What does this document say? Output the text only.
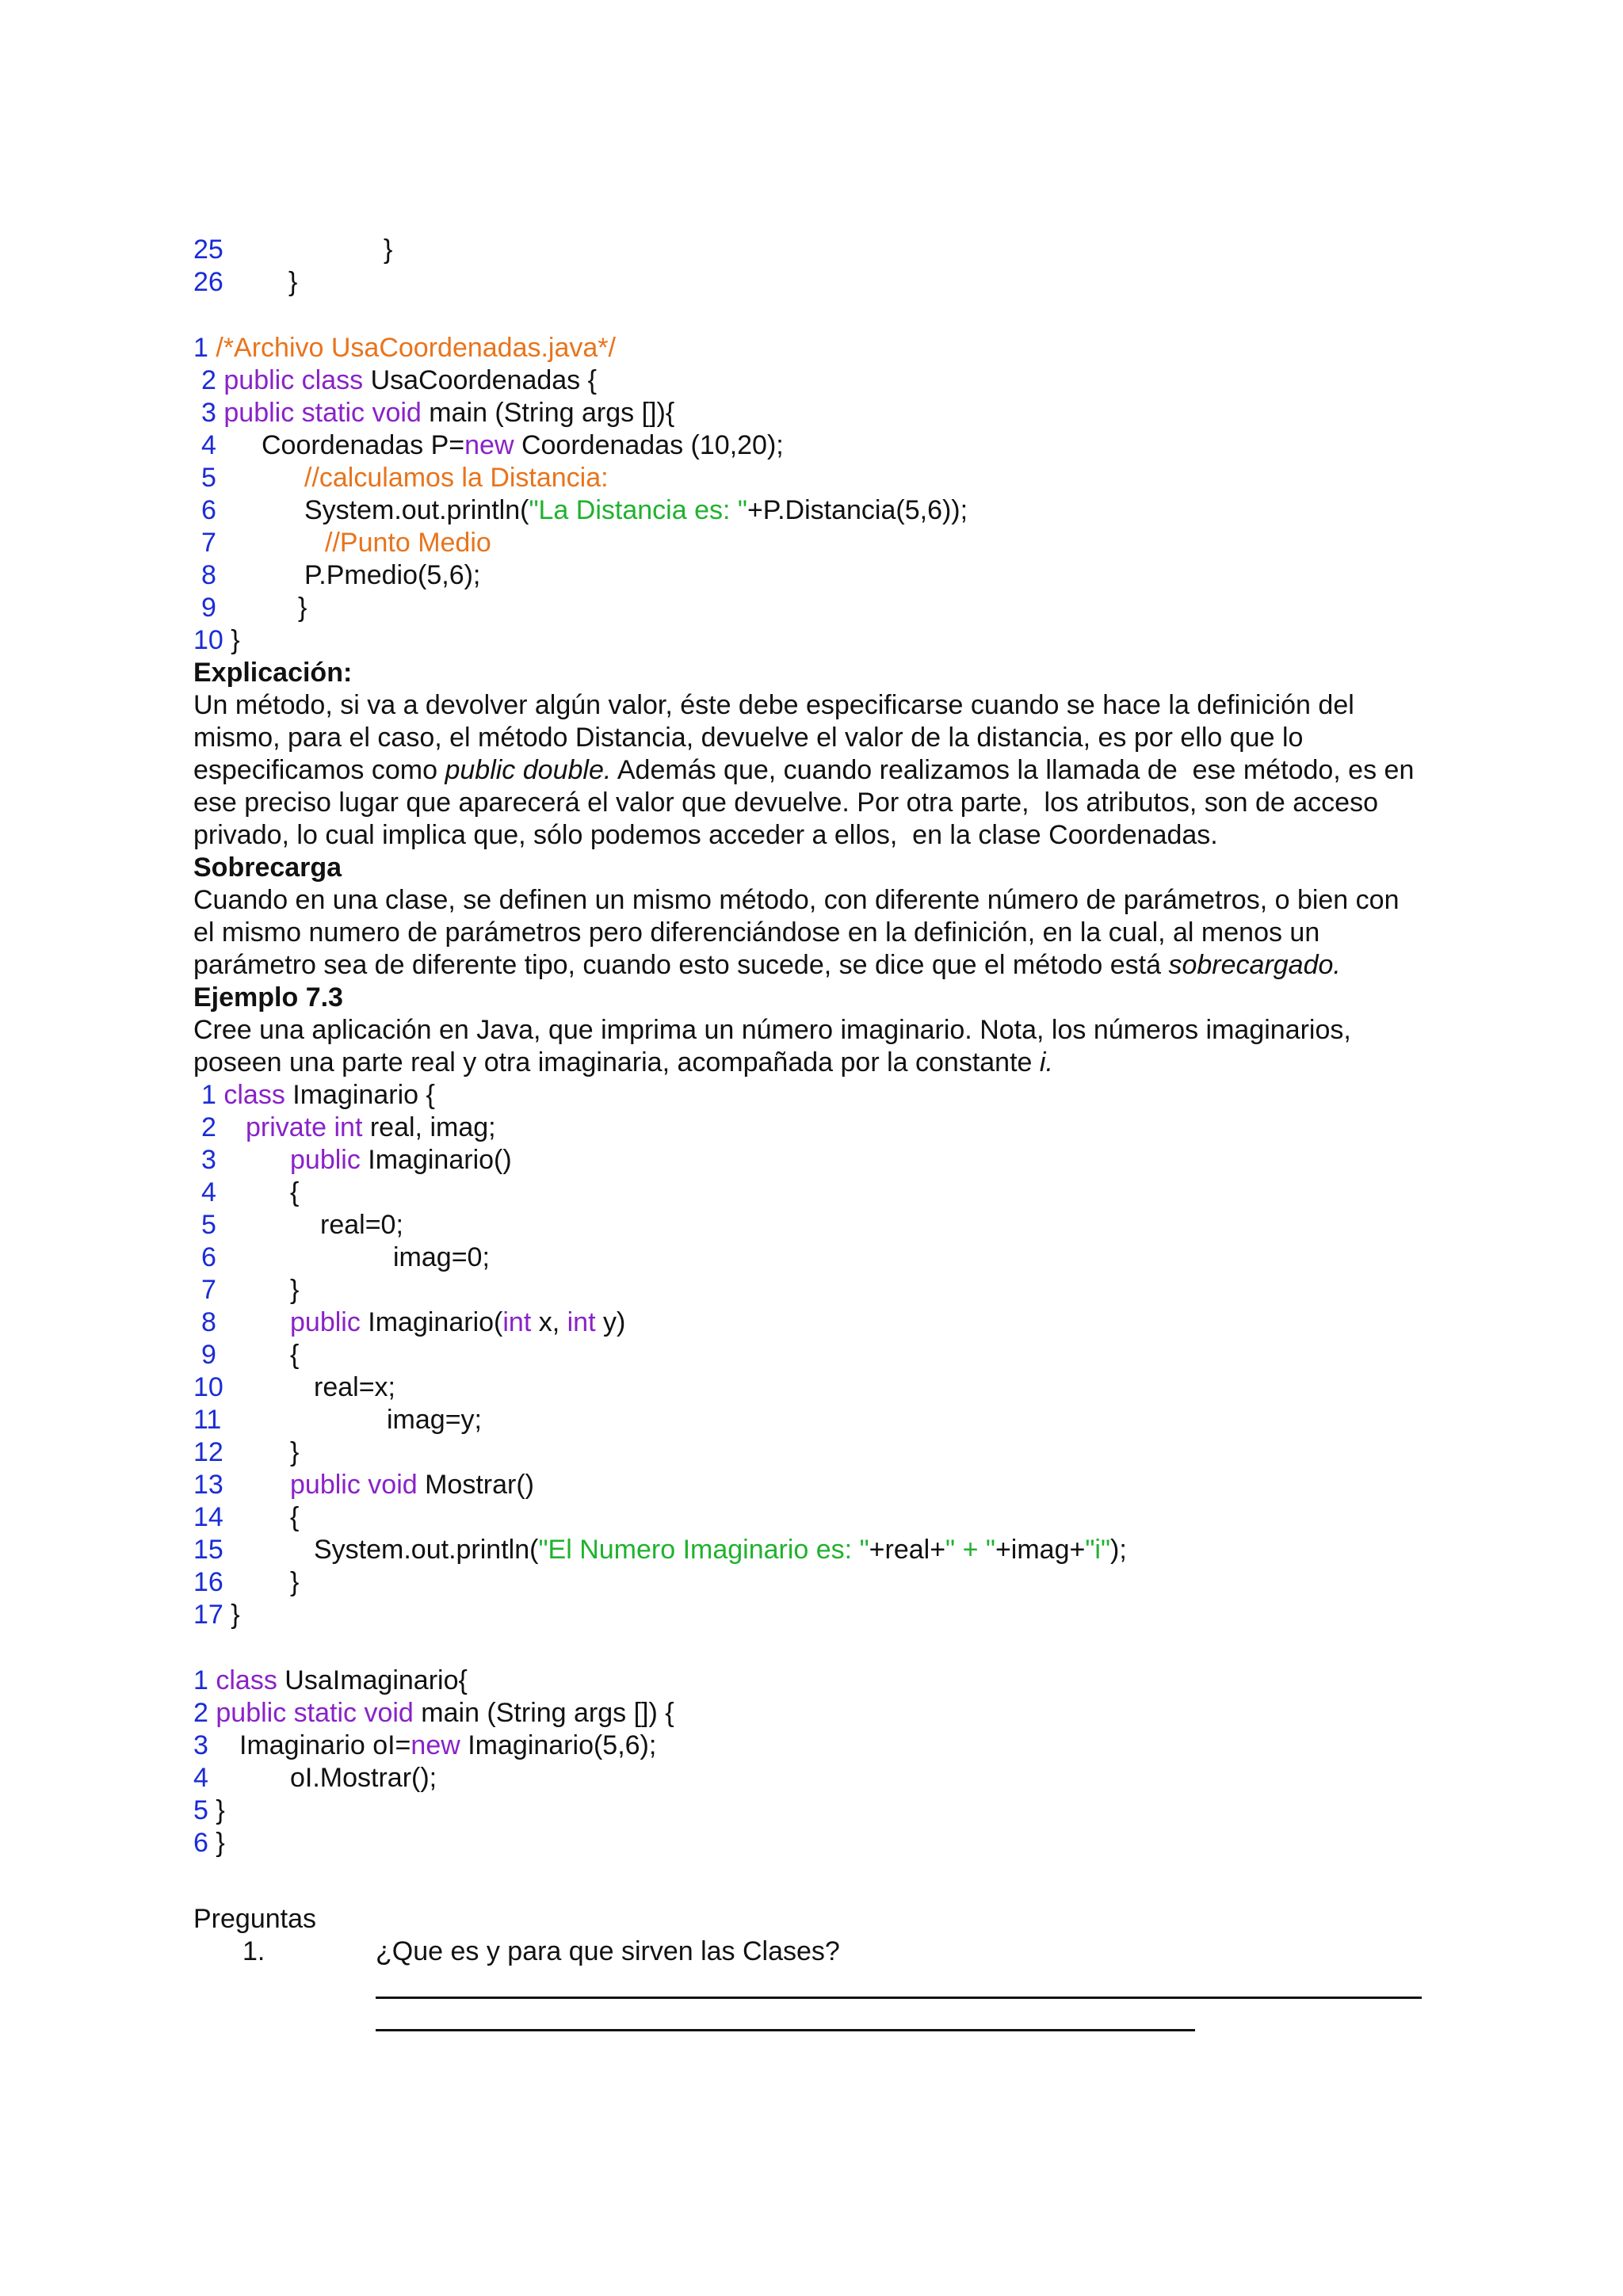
25	}
26 }
1 /*Archivo UsaCoordenadas.java*/
2 public class UsaCoordenadas {
3 public static void main (String args []){
4 Coordenadas P=new Coordenadas (10,20);
5	//calculamos la Distancia:
6	System.out.println("La Distancia es: "+P.Distancia(5,6));
7	//Punto Medio
8	P.Pmedio(5,6);
9	}
10 }
Explicación:
Un método, si va a devolver algún valor, éste debe especificarse cuando se hace la definición del
mismo, para el caso, el método Distancia, devuelve el valor de la distancia, es por ello que lo
especificamos como public double. Además que, cuando realizamos la llamada de  ese método, es en
ese preciso lugar que aparecerá el valor que devuelve. Por otra parte,  los atributos, son de acceso
privado, lo cual implica que, sólo podemos acceder a ellos,  en la clase Coordenadas.
Sobrecarga
Cuando en una clase, se definen un mismo método, con diferente número de parámetros, o bien con
el mismo numero de parámetros pero diferenciándose en la definición, en la cual, al menos un
parámetro sea de diferente tipo, cuando esto sucede, se dice que el método está sobrecargado.
Ejemplo 7.3
Cree una aplicación en Java, que imprima un número imaginario. Nota, los números imaginarios,
poseen una parte real y otra imaginaria, acompañada por la constante i.
1 class Imaginario {
2 private int real, imag;
3	public Imaginario()
4	{
5	real=0;
6	imag=0;
7	}
8	public Imaginario(int x, int y)
9	{
10	real=x;
11	imag=y;
12 }
13 public void Mostrar()
14 {
15	System.out.println("El Numero Imaginario es: "+real+" + "+imag+"i");
16 }
17 }
1 class UsaImaginario{
2 public static void main (String args []) {
3 Imaginario oI=new Imaginario(5,6);
4	oI.Mostrar();
5 }
6 }
Preguntas
1.	¿Que es y para que sirven las Clases?
